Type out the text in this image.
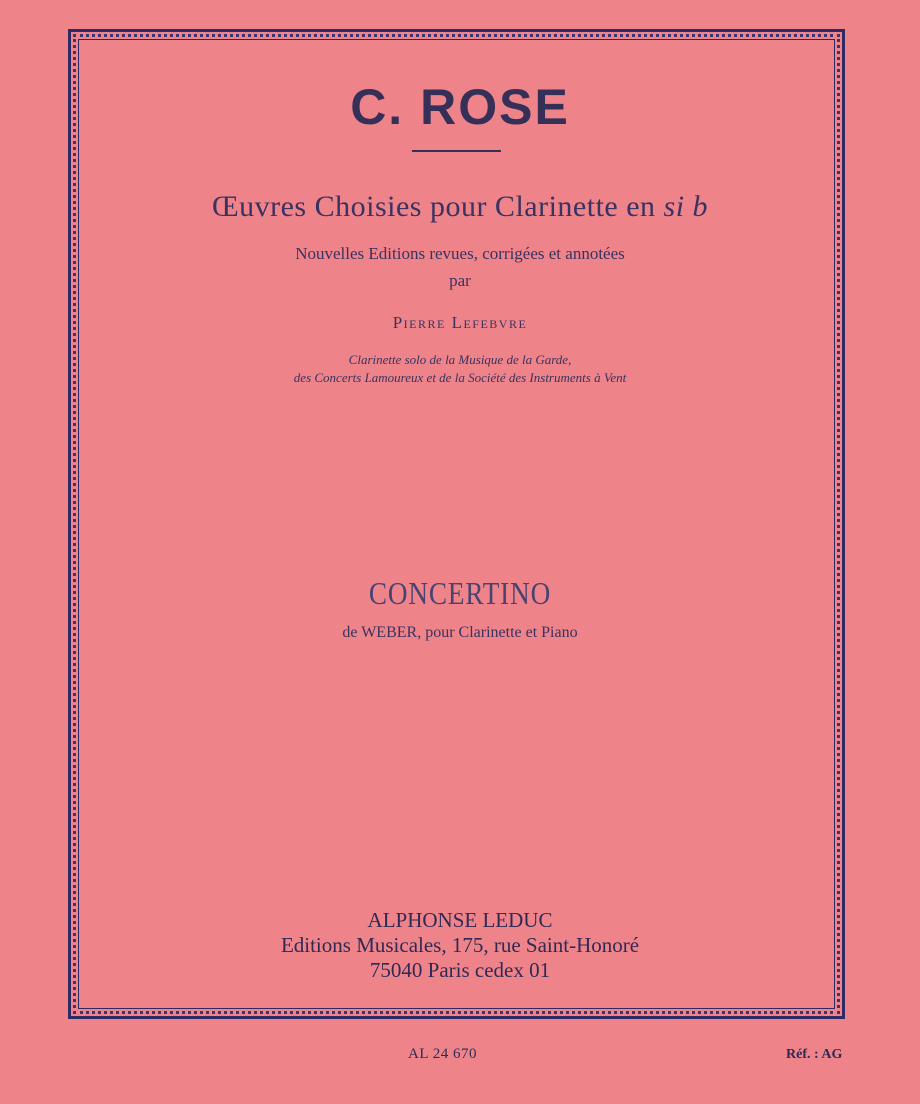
C. ROSE
Œuvres Choisies pour Clarinette en si b
Nouvelles Editions revues, corrigées et annotées
par
Pierre Lefebvre
Clarinette solo de la Musique de la Garde,
des Concerts Lamoureux et de la Société des Instruments à Vent
CONCERTINO
de WEBER, pour Clarinette et Piano
ALPHONSE LEDUC
Editions Musicales, 175, rue Saint-Honoré
75040 Paris cedex 01
AL 24 670	Réf. : AG
